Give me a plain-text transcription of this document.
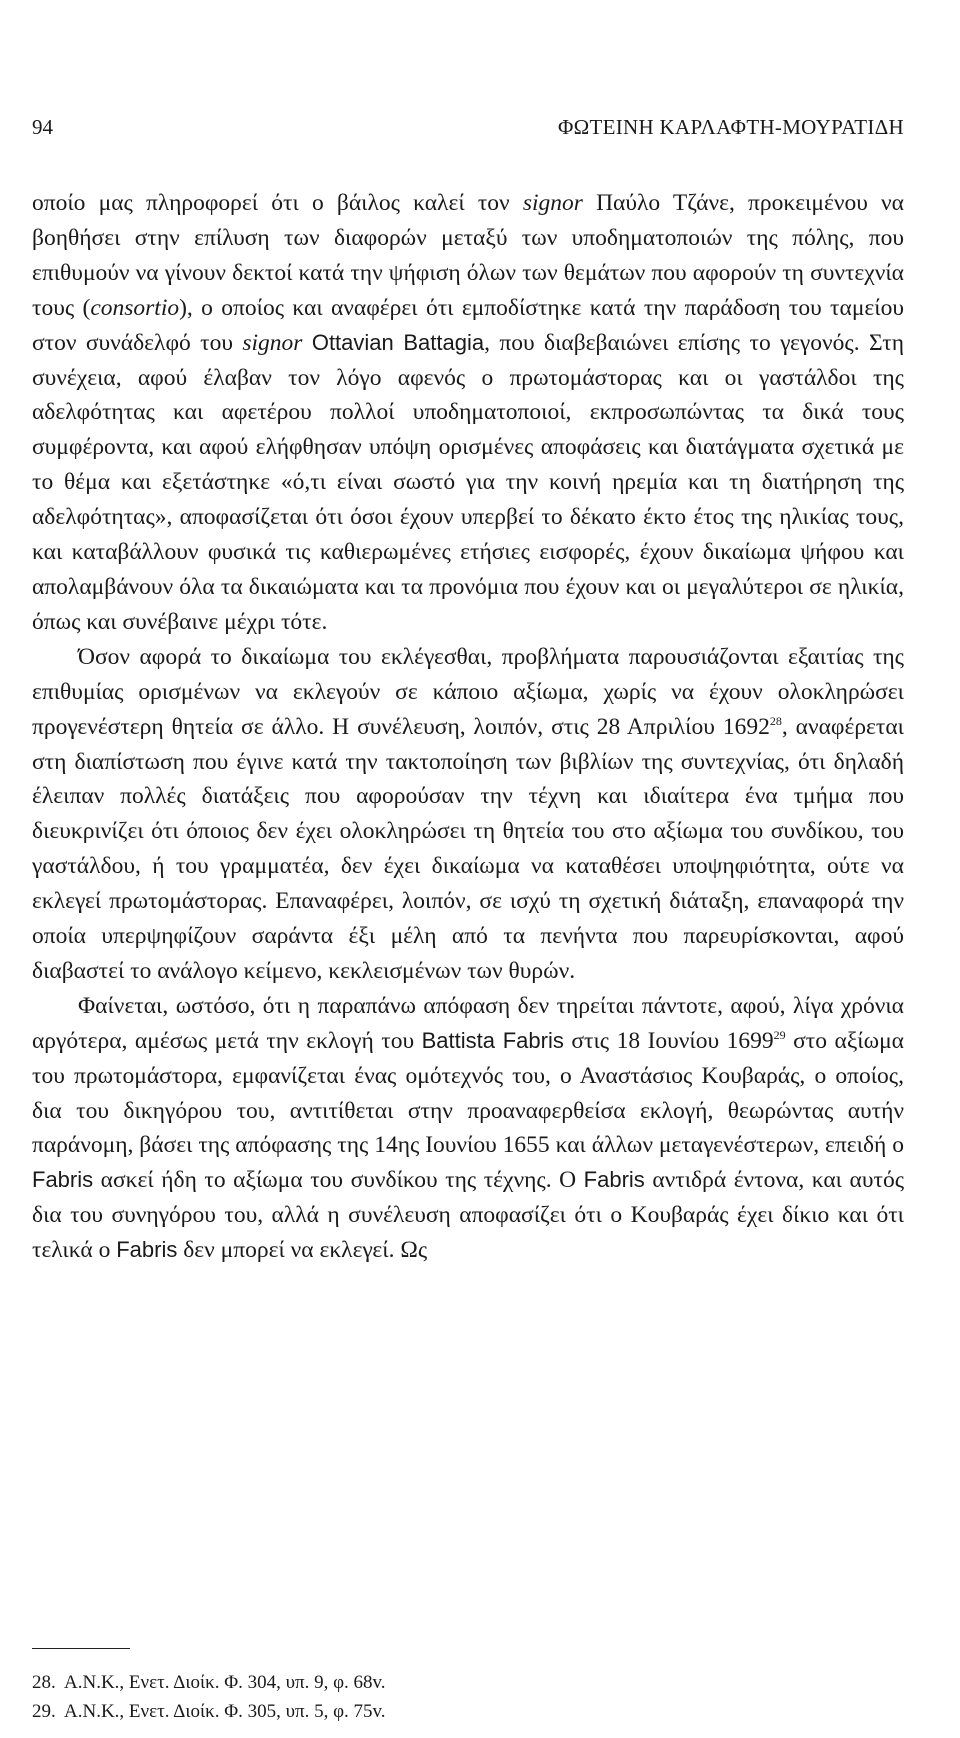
94	ΦΩΤΕΙΝΗ ΚΑΡΛΑΦΤΗ-ΜΟΥΡΑΤΙΔΗ

οποίο μας πληροφορεί ότι ο βάιλος καλεί τον signor Παύλο Τζάνε, προκειμένου να βοηθήσει στην επίλυση των διαφορών μεταξύ των υποδηματοποιών της πόλης, που επιθυμούν να γίνουν δεκτοί κατά την ψήφιση όλων των θεμάτων που αφορούν τη συντεχνία τους (consortio), ο οποίος και αναφέρει ότι εμποδίστηκε κατά την παράδοση του ταμείου στον συνάδελφό του signor Ottavian Battagia, που διαβεβαιώνει επίσης το γεγονός. Στη συνέχεια, αφού έλαβαν τον λόγο αφενός ο πρωτομάστορας και οι γαστάλδοι της αδελφότητας και αφετέρου πολλοί υποδηματοποιοί, εκπροσωπώντας τα δικά τους συμφέροντα, και αφού ελήφθησαν υπόψη ορισμένες αποφάσεις και διατάγματα σχετικά με το θέμα και εξετάστηκε «ό,τι είναι σωστό για την κοινή ηρεμία και τη διατήρηση της αδελφότητας», αποφασίζεται ότι όσοι έχουν υπερβεί το δέκατο έκτο έτος της ηλικίας τους, και καταβάλλουν φυσικά τις καθιερωμένες ετήσιες εισφορές, έχουν δικαίωμα ψήφου και απολαμβάνουν όλα τα δικαιώματα και τα προνόμια που έχουν και οι μεγαλύτεροι σε ηλικία, όπως και συνέβαινε μέχρι τότε.

Όσον αφορά το δικαίωμα του εκλέγεσθαι, προβλήματα παρουσιάζονται εξαιτίας της επιθυμίας ορισμένων να εκλεγούν σε κάποιο αξίωμα, χωρίς να έχουν ολοκληρώσει προγενέστερη θητεία σε άλλο. Η συνέλευση, λοιπόν, στις 28 Απριλίου 1692$^{28}$, αναφέρεται στη διαπίστωση που έγινε κατά την τακτοποίηση των βιβλίων της συντεχνίας, ότι δηλαδή έλειπαν πολλές διατάξεις που αφορούσαν την τέχνη και ιδιαίτερα ένα τμήμα που διευκρινίζει ότι όποιος δεν έχει ολοκληρώσει τη θητεία του στο αξίωμα του συνδίκου, του γαστάλδου, ή του γραμματέα, δεν έχει δικαίωμα να καταθέσει υποψηφιότητα, ούτε να εκλεγεί πρωτομάστορας. Επαναφέρει, λοιπόν, σε ισχύ τη σχετική διάταξη, επαναφορά την οποία υπερψηφίζουν σαράντα έξι μέλη από τα πενήντα που παρευρίσκονται, αφού διαβαστεί το ανάλογο κείμενο, κεκλεισμένων των θυρών.

Φαίνεται, ωστόσο, ότι η παραπάνω απόφαση δεν τηρείται πάντοτε, αφού, λίγα χρόνια αργότερα, αμέσως μετά την εκλογή του Battista Fabris στις 18 Ιουνίου 1699$^{29}$ στο αξίωμα του πρωτομάστορα, εμφανίζεται ένας ομότεχνός του, ο Αναστάσιος Κουβαράς, ο οποίος, δια του δικηγόρου του, αντιτίθεται στην προαναφερθείσα εκλογή, θεωρώντας αυτήν παράνομη, βάσει της απόφασης της 14ης Ιουνίου 1655 και άλλων μεταγενέστερων, επειδή ο Fabris ασκεί ήδη το αξίωμα του συνδίκου της τέχνης. Ο Fabris αντιδρά έντονα, και αυτός δια του συνηγόρου του, αλλά η συνέλευση αποφασίζει ότι ο Κουβαράς έχει δίκιο και ότι τελικά ο Fabris δεν μπορεί να εκλεγεί. Ως

28. Α.Ν.Κ., Ενετ. Διοίκ. Φ. 304, υπ. 9, φ. 68v.
29. Α.Ν.Κ., Ενετ. Διοίκ. Φ. 305, υπ. 5, φ. 75v.
